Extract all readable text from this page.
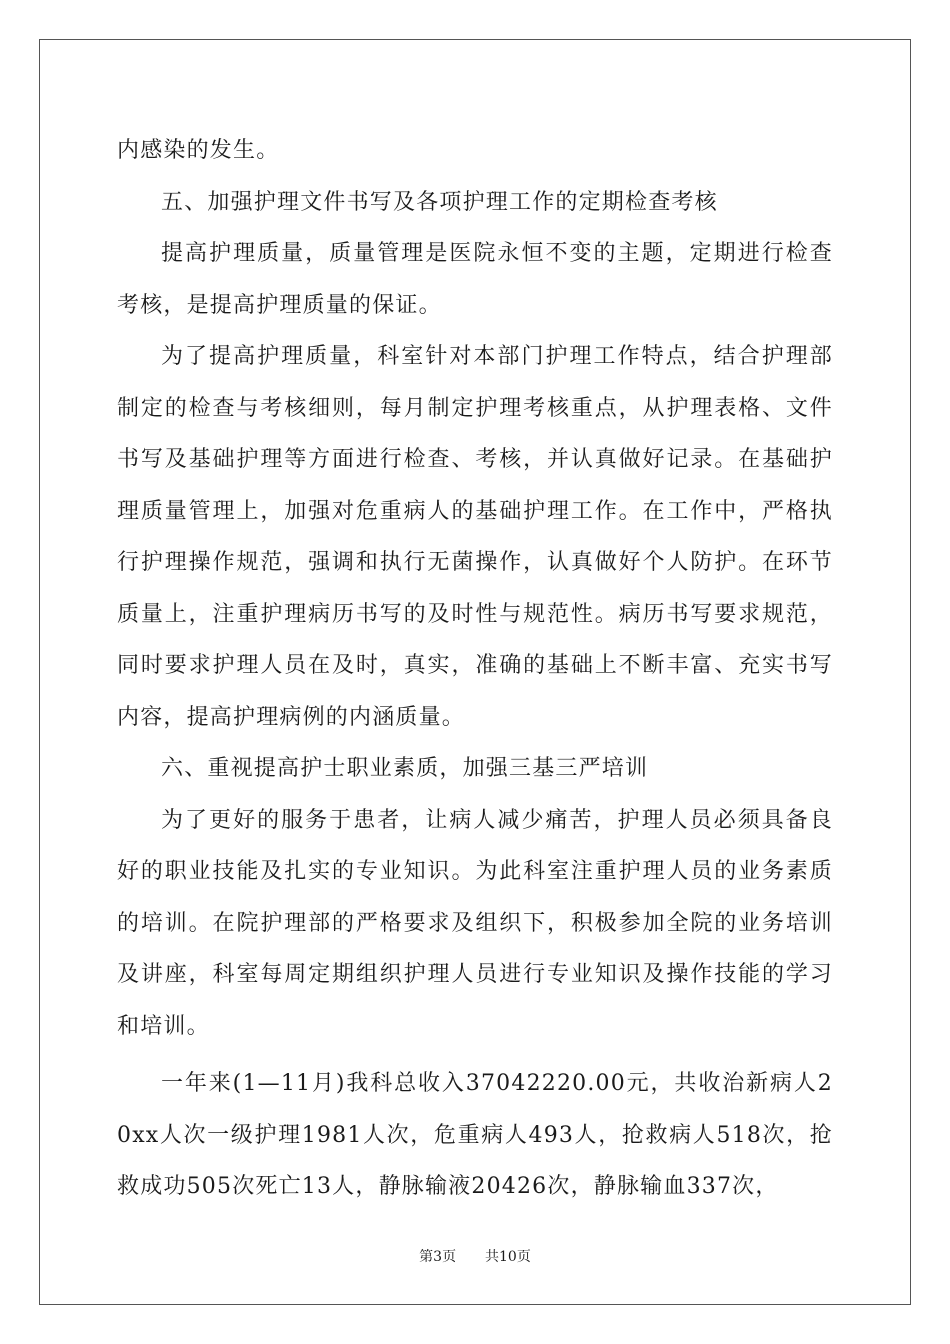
内感染的发生。

五、加强护理文件书写及各项护理工作的定期检查考核

提高护理质量，质量管理是医院永恒不变的主题，定期进行检查考核，是提高护理质量的保证。

为了提高护理质量，科室针对本部门护理工作特点，结合护理部制定的检查与考核细则，每月制定护理考核重点，从护理表格、文件书写及基础护理等方面进行检查、考核，并认真做好记录。在基础护理质量管理上，加强对危重病人的基础护理工作。在工作中，严格执行护理操作规范，强调和执行无菌操作，认真做好个人防护。在环节质量上，注重护理病历书写的及时性与规范性。病历书写要求规范，同时要求护理人员在及时，真实，准确的基础上不断丰富、充实书写内容，提高护理病例的内涵质量。

六、重视提高护士职业素质，加强三基三严培训

为了更好的服务于患者，让病人减少痛苦，护理人员必须具备良好的职业技能及扎实的专业知识。为此科室注重护理人员的业务素质的培训。在院护理部的严格要求及组织下，积极参加全院的业务培训及讲座，科室每周定期组织护理人员进行专业知识及操作技能的学习和培训。

一年来(1—11月)我科总收入37042220.00元，共收治新病人20xx人次一级护理1981人次，危重病人493人，抢救病人518次，抢救成功505次死亡13人，静脉输液20426次，静脉输血337次，

第3页 共10页
